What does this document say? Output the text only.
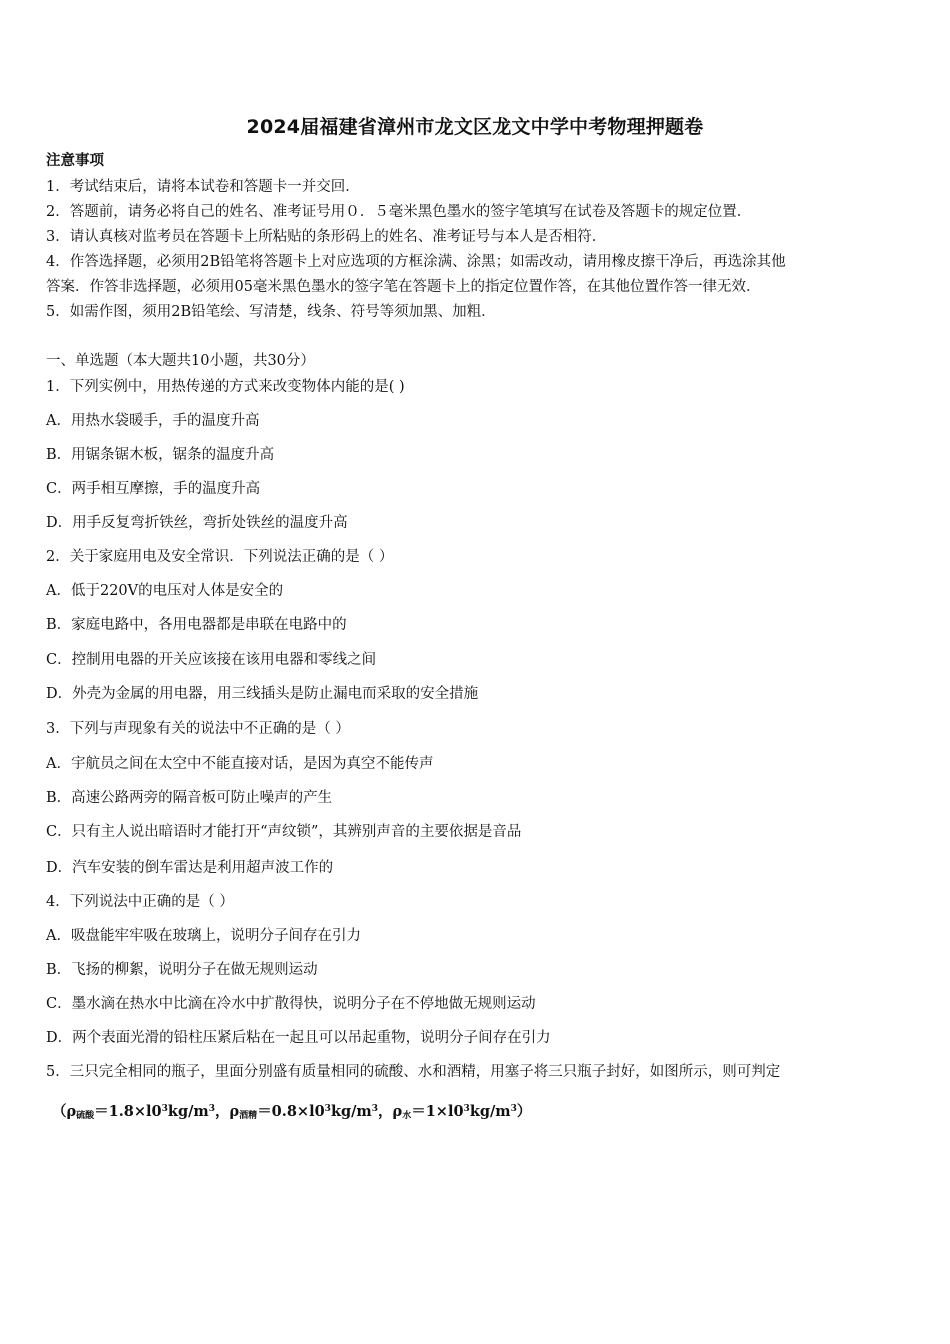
2024届福建省漳州市龙文区龙文中学中考物理押题卷
注意事项
1．考试结束后，请将本试卷和答题卡一并交回．
2．答题前，请务必将自己的姓名、准考证号用０．５毫米黑色墨水的签字笔填写在试卷及答题卡的规定位置．
3．请认真核对监考员在答题卡上所粘贴的条形码上的姓名、准考证号与本人是否相符．
4．作答选择题，必须用2B铅笔将答题卡上对应选项的方框涂满、涂黑；如需改动，请用橡皮擦干净后，再选涂其他
答案．作答非选择题，必须用05毫米黑色墨水的签字笔在答题卡上的指定位置作答，在其他位置作答一律无效．
5．如需作图，须用2B铅笔绘、写清楚，线条、符号等须加黑、加粗．
一、单选题（本大题共10小题，共30分）
1．下列实例中，用热传递的方式来改变物体内能的是( )
A．用热水袋暖手，手的温度升高
B．用锯条锯木板，锯条的温度升高
C．两手相互摩擦，手的温度升高
D．用手反复弯折铁丝，弯折处铁丝的温度升高
2．关于家庭用电及安全常识．下列说法正确的是（ ）
A．低于220V的电压对人体是安全的
B．家庭电路中，各用电器都是串联在电路中的
C．控制用电器的开关应该接在该用电器和零线之间
D．外壳为金属的用电器，用三线插头是防止漏电而采取的安全措施
3．下列与声现象有关的说法中不正确的是（ ）
A．宇航员之间在太空中不能直接对话，是因为真空不能传声
B．高速公路两旁的隔音板可防止噪声的产生
C．只有主人说出暗语时才能打开“声纹锁”，其辨别声音的主要依据是音品
D．汽车安装的倒车雷达是利用超声波工作的
4．下列说法中正确的是（ ）
A．吸盘能牢牢吸在玻璃上，说明分子间存在引力
B．飞扬的柳絮，说明分子在做无规则运动
C．墨水滴在热水中比滴在冷水中扩散得快，说明分子在不停地做无规则运动
D．两个表面光滑的铅柱压紧后粘在一起且可以吊起重物，说明分子间存在引力
5．三只完全相同的瓶子，里面分别盛有质量相同的硫酸、水和酒精，用塞子将三只瓶子封好，如图所示，则可判定
（$\rho_{硫酸}=1.8\times l0^3kg/m^3$，$\rho_{酒精}=0.8\times l0^3kg/m^3$，$\rho_水=1\times l0^3kg/m^3$）
